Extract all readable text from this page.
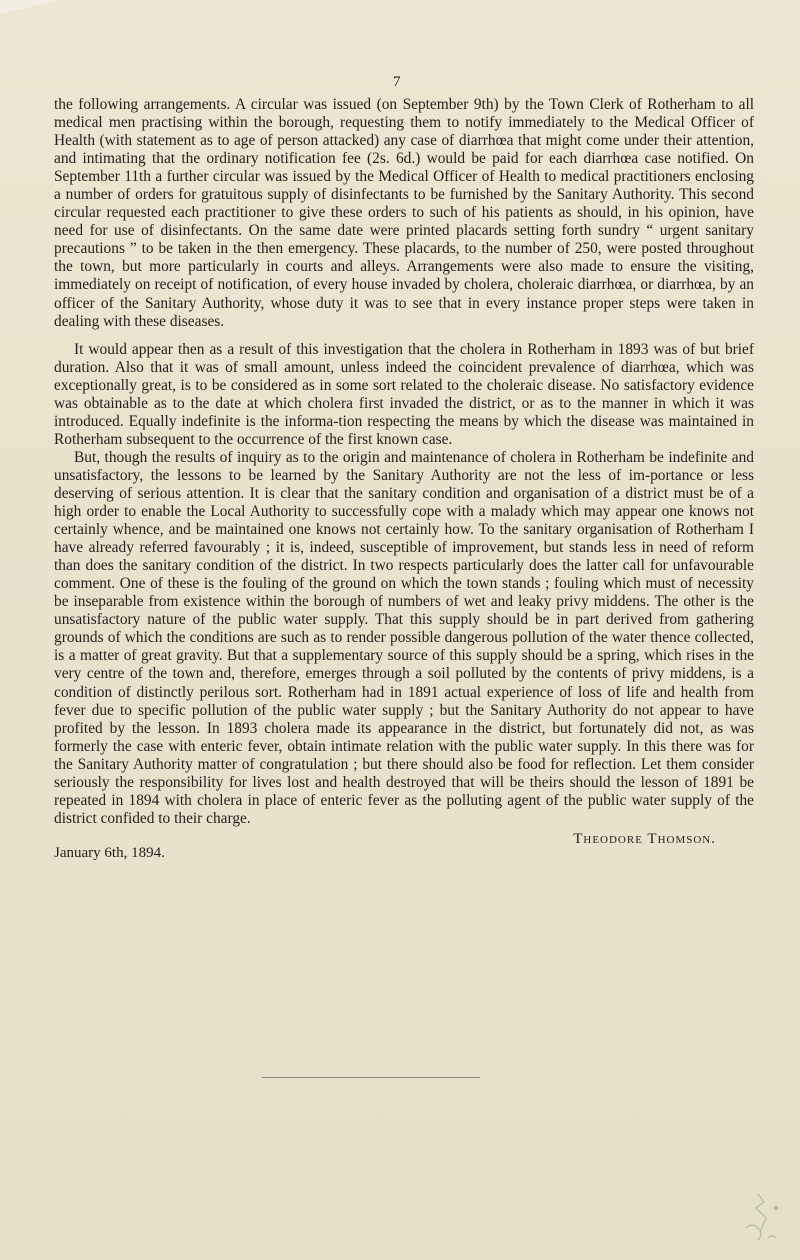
7

the following arrangements. A circular was issued (on September 9th) by the Town Clerk of Rotherham to all medical men practising within the borough, requesting them to notify immediately to the Medical Officer of Health (with statement as to age of person attacked) any case of diarrhœa that might come under their attention, and intimating that the ordinary notification fee (2s. 6d.) would be paid for each diarrhœa case notified. On September 11th a further circular was issued by the Medical Officer of Health to medical practitioners enclosing a number of orders for gratuitous supply of disinfectants to be furnished by the Sanitary Authority. This second circular requested each practitioner to give these orders to such of his patients as should, in his opinion, have need for use of disinfectants. On the same date were printed placards setting forth sundry “ urgent sanitary precautions ” to be taken in the then emergency. These placards, to the number of 250, were posted throughout the town, but more particularly in courts and alleys. Arrangements were also made to ensure the visiting, immediately on receipt of notification, of every house invaded by cholera, choleraic diarrhœa, or diarrhœa, by an officer of the Sanitary Authority, whose duty it was to see that in every instance proper steps were taken in dealing with these diseases.

It would appear then as a result of this investigation that the cholera in Rotherham in 1893 was of but brief duration. Also that it was of small amount, unless indeed the coincident prevalence of diarrhœa, which was exceptionally great, is to be considered as in some sort related to the choleraic disease. No satisfactory evidence was obtainable as to the date at which cholera first invaded the district, or as to the manner in which it was introduced. Equally indefinite is the informa-tion respecting the means by which the disease was maintained in Rotherham subsequent to the occurrence of the first known case.

But, though the results of inquiry as to the origin and maintenance of cholera in Rotherham be indefinite and unsatisfactory, the lessons to be learned by the Sanitary Authority are not the less of im-portance or less deserving of serious attention. It is clear that the sanitary condition and organisation of a district must be of a high order to enable the Local Authority to successfully cope with a malady which may appear one knows not certainly whence, and be maintained one knows not certainly how. To the sanitary organisation of Rotherham I have already referred favourably ; it is, indeed, susceptible of improvement, but stands less in need of reform than does the sanitary condition of the district. In two respects particularly does the latter call for unfavourable comment. One of these is the fouling of the ground on which the town stands ; fouling which must of necessity be inseparable from existence within the borough of numbers of wet and leaky privy middens. The other is the unsatisfactory nature of the public water supply. That this supply should be in part derived from gathering grounds of which the conditions are such as to render possible dangerous pollution of the water thence collected, is a matter of great gravity. But that a supplementary source of this supply should be a spring, which rises in the very centre of the town and, therefore, emerges through a soil polluted by the contents of privy middens, is a condition of distinctly perilous sort. Rotherham had in 1891 actual experience of loss of life and health from fever due to specific pollution of the public water supply ; but the Sanitary Authority do not appear to have profited by the lesson. In 1893 cholera made its appearance in the district, but fortunately did not, as was formerly the case with enteric fever, obtain intimate relation with the public water supply. In this there was for the Sanitary Authority matter of congratulation ; but there should also be food for reflection. Let them consider seriously the responsibility for lives lost and health destroyed that will be theirs should the lesson of 1891 be repeated in 1894 with cholera in place of enteric fever as the polluting agent of the public water supply of the district confided to their charge.

Theodore Thomson.
January 6th, 1894.
